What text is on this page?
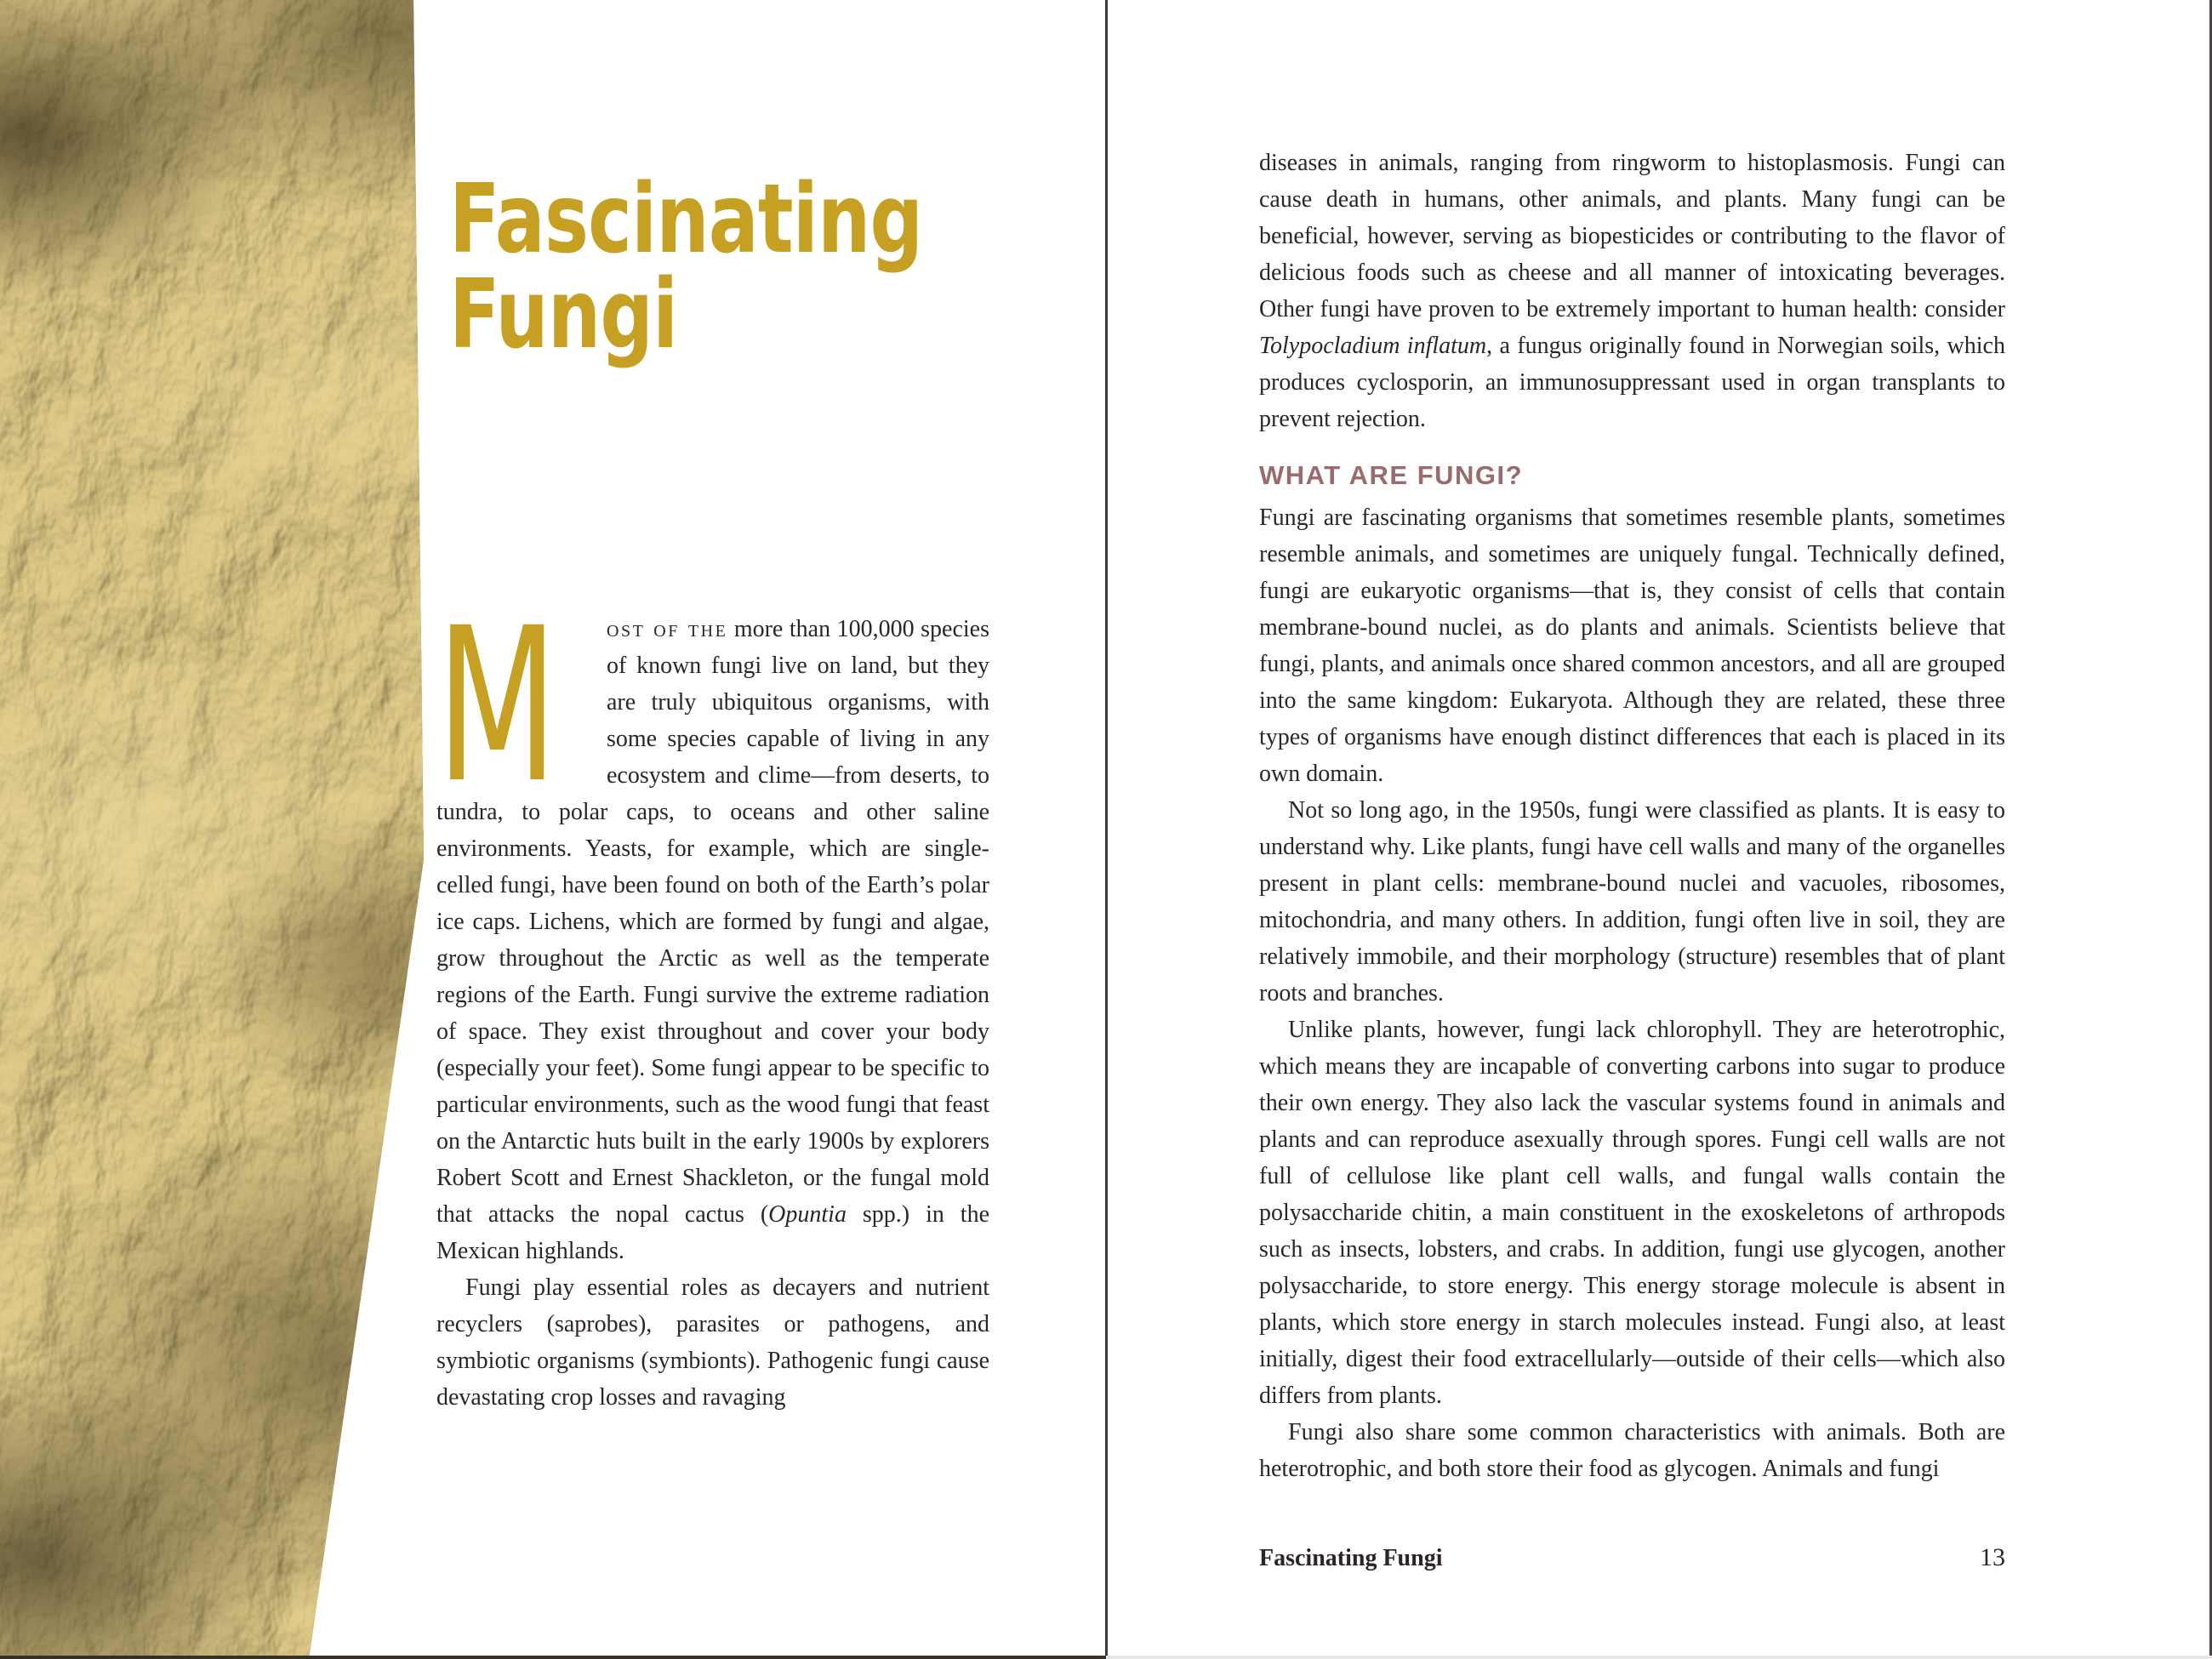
Fascinating
Fungi

M ost of the more than 100,000 species of known fungi live on land, but they are truly ubiquitous organisms, with some species capable of living in any ecosystem and clime—from deserts, to tundra, to polar caps, to oceans and other saline environments. Yeasts, for example, which are single-celled fungi, have been found on both of the Earth’s polar ice caps. Lichens, which are formed by fungi and algae, grow throughout the Arctic as well as the temperate regions of the Earth. Fungi survive the extreme radiation of space. They exist throughout and cover your body (especially your feet). Some fungi appear to be specific to particular environments, such as the wood fungi that feast on the Antarctic huts built in the early 1900s by explorers Robert Scott and Ernest Shackleton, or the fungal mold that attacks the nopal cactus (Opuntia spp.) in the Mexican highlands.

Fungi play essential roles as decayers and nutrient recyclers (saprobes), parasites or pathogens, and symbiotic organisms (symbionts). Pathogenic fungi cause devastating crop losses and ravaging

diseases in animals, ranging from ringworm to histoplasmosis. Fungi can cause death in humans, other animals, and plants. Many fungi can be beneficial, however, serving as biopesticides or contributing to the flavor of delicious foods such as cheese and all manner of intoxicating beverages. Other fungi have proven to be extremely important to human health: consider Tolypocladium inflatum, a fungus originally found in Norwegian soils, which produces cyclosporin, an immunosuppressant used in organ transplants to prevent rejection.

WHAT ARE FUNGI?

Fungi are fascinating organisms that sometimes resemble plants, sometimes resemble animals, and sometimes are uniquely fungal. Technically defined, fungi are eukaryotic organisms—that is, they consist of cells that contain membrane-bound nuclei, as do plants and animals. Scientists believe that fungi, plants, and animals once shared common ancestors, and all are grouped into the same kingdom: Eukaryota. Although they are related, these three types of organisms have enough distinct differences that each is placed in its own domain.

Not so long ago, in the 1950s, fungi were classified as plants. It is easy to understand why. Like plants, fungi have cell walls and many of the organelles present in plant cells: membrane-bound nuclei and vacuoles, ribosomes, mitochondria, and many others. In addition, fungi often live in soil, they are relatively immobile, and their morphology (structure) resembles that of plant roots and branches.

Unlike plants, however, fungi lack chlorophyll. They are heterotrophic, which means they are incapable of converting carbons into sugar to produce their own energy. They also lack the vascular systems found in animals and plants and can reproduce asexually through spores. Fungi cell walls are not full of cellulose like plant cell walls, and fungal walls contain the polysaccharide chitin, a main constituent in the exoskeletons of arthropods such as insects, lobsters, and crabs. In addition, fungi use glycogen, another polysaccharide, to store energy. This energy storage molecule is absent in plants, which store energy in starch molecules instead. Fungi also, at least initially, digest their food extracellularly—outside of their cells—which also differs from plants.

Fungi also share some common characteristics with animals. Both are heterotrophic, and both store their food as glycogen. Animals and fungi

Fascinating Fungi	13
